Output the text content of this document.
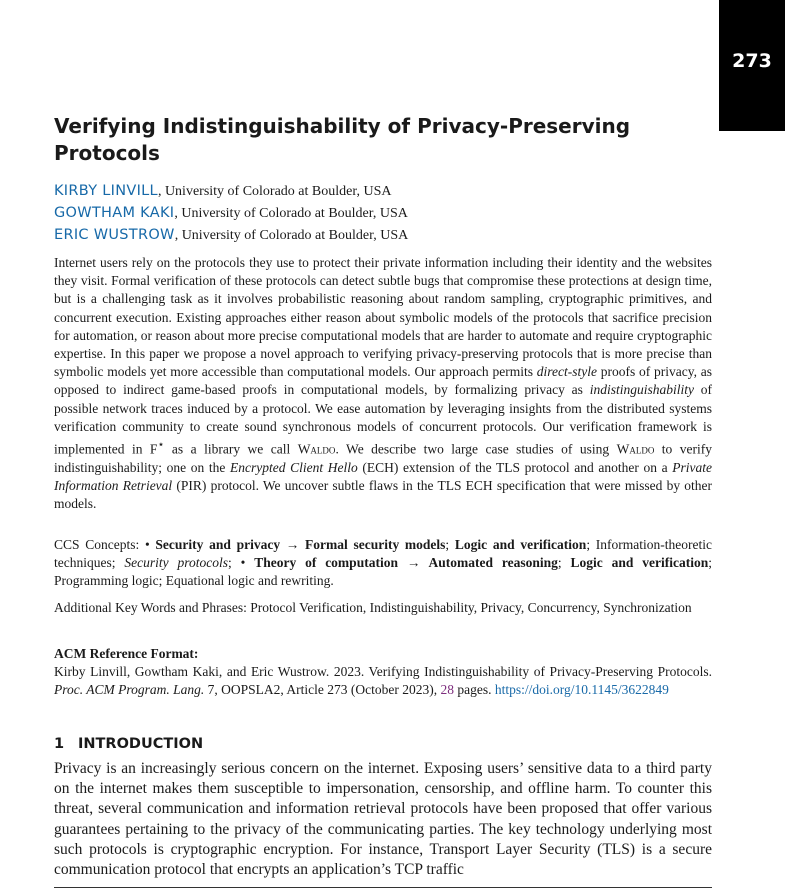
273
Verifying Indistinguishability of Privacy-Preserving Protocols
KIRBY LINVILL, University of Colorado at Boulder, USA
GOWTHAM KAKI, University of Colorado at Boulder, USA
ERIC WUSTROW, University of Colorado at Boulder, USA

Internet users rely on the protocols they use to protect their private information including their identity and the websites they visit. Formal verification of these protocols can detect subtle bugs that compromise these protections at design time, but is a challenging task as it involves probabilistic reasoning about random sampling, cryptographic primitives, and concurrent execution. Existing approaches either reason about symbolic models of the protocols that sacrifice precision for automation, or reason about more precise computational models that are harder to automate and require cryptographic expertise. In this paper we propose a novel approach to verifying privacy-preserving protocols that is more precise than symbolic models yet more accessible than computational models. Our approach permits direct-style proofs of privacy, as opposed to indirect game-based proofs in computational models, by formalizing privacy as indistinguishability of possible network traces induced by a protocol. We ease automation by leveraging insights from the distributed systems verification community to create sound synchronous models of concurrent protocols. Our verification framework is implemented in F⋆ as a library we call Waldo. We describe two large case studies of using Waldo to verify indistinguishability; one on the Encrypted Client Hello (ECH) extension of the TLS protocol and another on a Private Information Retrieval (PIR) protocol. We uncover subtle flaws in the TLS ECH specification that were missed by other models.

CCS Concepts: • Security and privacy → Formal security models; Logic and verification; Information-theoretic techniques; Security protocols; • Theory of computation → Automated reasoning; Logic and verification; Programming logic; Equational logic and rewriting.

Additional Key Words and Phrases: Protocol Verification, Indistinguishability, Privacy, Concurrency, Synchronization

ACM Reference Format:

Kirby Linvill, Gowtham Kaki, and Eric Wustrow. 2023. Verifying Indistinguishability of Privacy-Preserving Protocols. Proc. ACM Program. Lang. 7, OOPSLA2, Article 273 (October 2023), 28 pages. https://doi.org/10.1145/3622849

1 INTRODUCTION

Privacy is an increasingly serious concern on the internet. Exposing users’ sensitive data to a third party on the internet makes them susceptible to impersonation, censorship, and offline harm. To counter this threat, several communication and information retrieval protocols have been proposed that offer various guarantees pertaining to the privacy of the communicating parties. The key technology underlying most such protocols is cryptographic encryption. For instance, Transport Layer Security (TLS) is a secure communication protocol that encrypts an application’s TCP traffic
